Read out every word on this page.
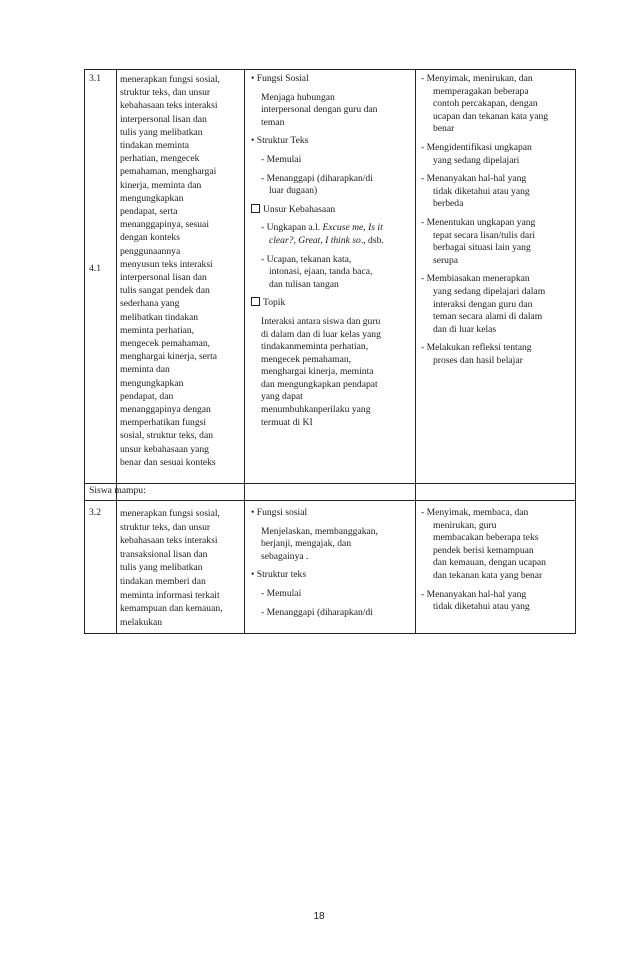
3.1
4.1
menerapkan fungsi sosial,
struktur teks, dan unsur
kebahasaan teks interaksi
interpersonal lisan dan
tulis yang melibatkan
tindakan meminta
perhatian, mengecek
pemahaman, menghargai
kinerja, meminta dan
mengungkapkan
pendapat, serta
menanggapinya, sesuai
dengan konteks
penggunaannya
menyusun teks interaksi
interpersonal lisan dan
tulis sangat pendek dan
sederhana yang
melibatkan tindakan
meminta perhatian,
mengecek pemahaman,
menghargai kinerja, serta
meminta dan
mengungkapkan
pendapat, dan
menanggapinya dengan
memperhatikan fungsi
sosial, struktur teks, dan
unsur kebahasaan yang
benar dan sesuai konteks
• Fungsi Sosial
Menjaga hubungan
interpersonal dengan guru dan
teman
• Struktur Teks
- Memulai
- Menanggapi (diharapkan/di
luar dugaan)
Unsur Kebahasaan
- Ungkapan a.l. Excuse me, Is it
clear?, Great, I think so., dsb.
- Ucapan, tekanan kata,
intonasi, ejaan, tanda baca,
dan tulisan tangan
Topik
Interaksi antara siswa dan guru
di dalam dan di luar kelas yang
tindakanmeminta perhatian,
mengecek pemahaman,
menghargai kinerja, meminta
dan mengungkapkan pendapat
yang dapat
menumbuhkanperilaku yang
termuat di KI
- Menyimak, menirukan, dan
memperagakan beberapa
contoh percakapan, dengan
ucapan dan tekanan kata yang
benar
- Mengidentifikasi ungkapan
yang sedang dipelajari
- Menanyakan hal-hal yang
tidak diketahui atau yang
berbeda
- Menentukan ungkapan yang
tepat secara lisan/tulis dari
berbagai situasi lain yang
serupa
- Membiasakan menerapkan
yang sedang dipelajari dalam
interaksi dengan guru dan
teman secara alami di dalam
dan di luar kelas
- Melakukan refleksi tentang
proses dan hasil belajar
Siswa mampu:
3.2 menerapkan fungsi sosial,
struktur teks, dan unsur
kebahasaan teks interaksi
transaksional lisan dan
tulis yang melibatkan
tindakan memberi dan
meminta informasi terkait
kemampuan dan kemauan,
melakukan
• Fungsi sosial
Menjelaskan, membanggakan,
berjanji, mengajak, dan
sebagainya .
• Struktur teks
- Memulai
- Menanggapi (diharapkan/di
- Menyimak, membaca, dan
menirukan, guru
membacakan beberapa teks
pendek berisi kemampuan
dan kemauan, dengan ucapan
dan tekanan kata yang benar
- Menanyakan hal-hal yang
tidak diketahui atau yang
18
